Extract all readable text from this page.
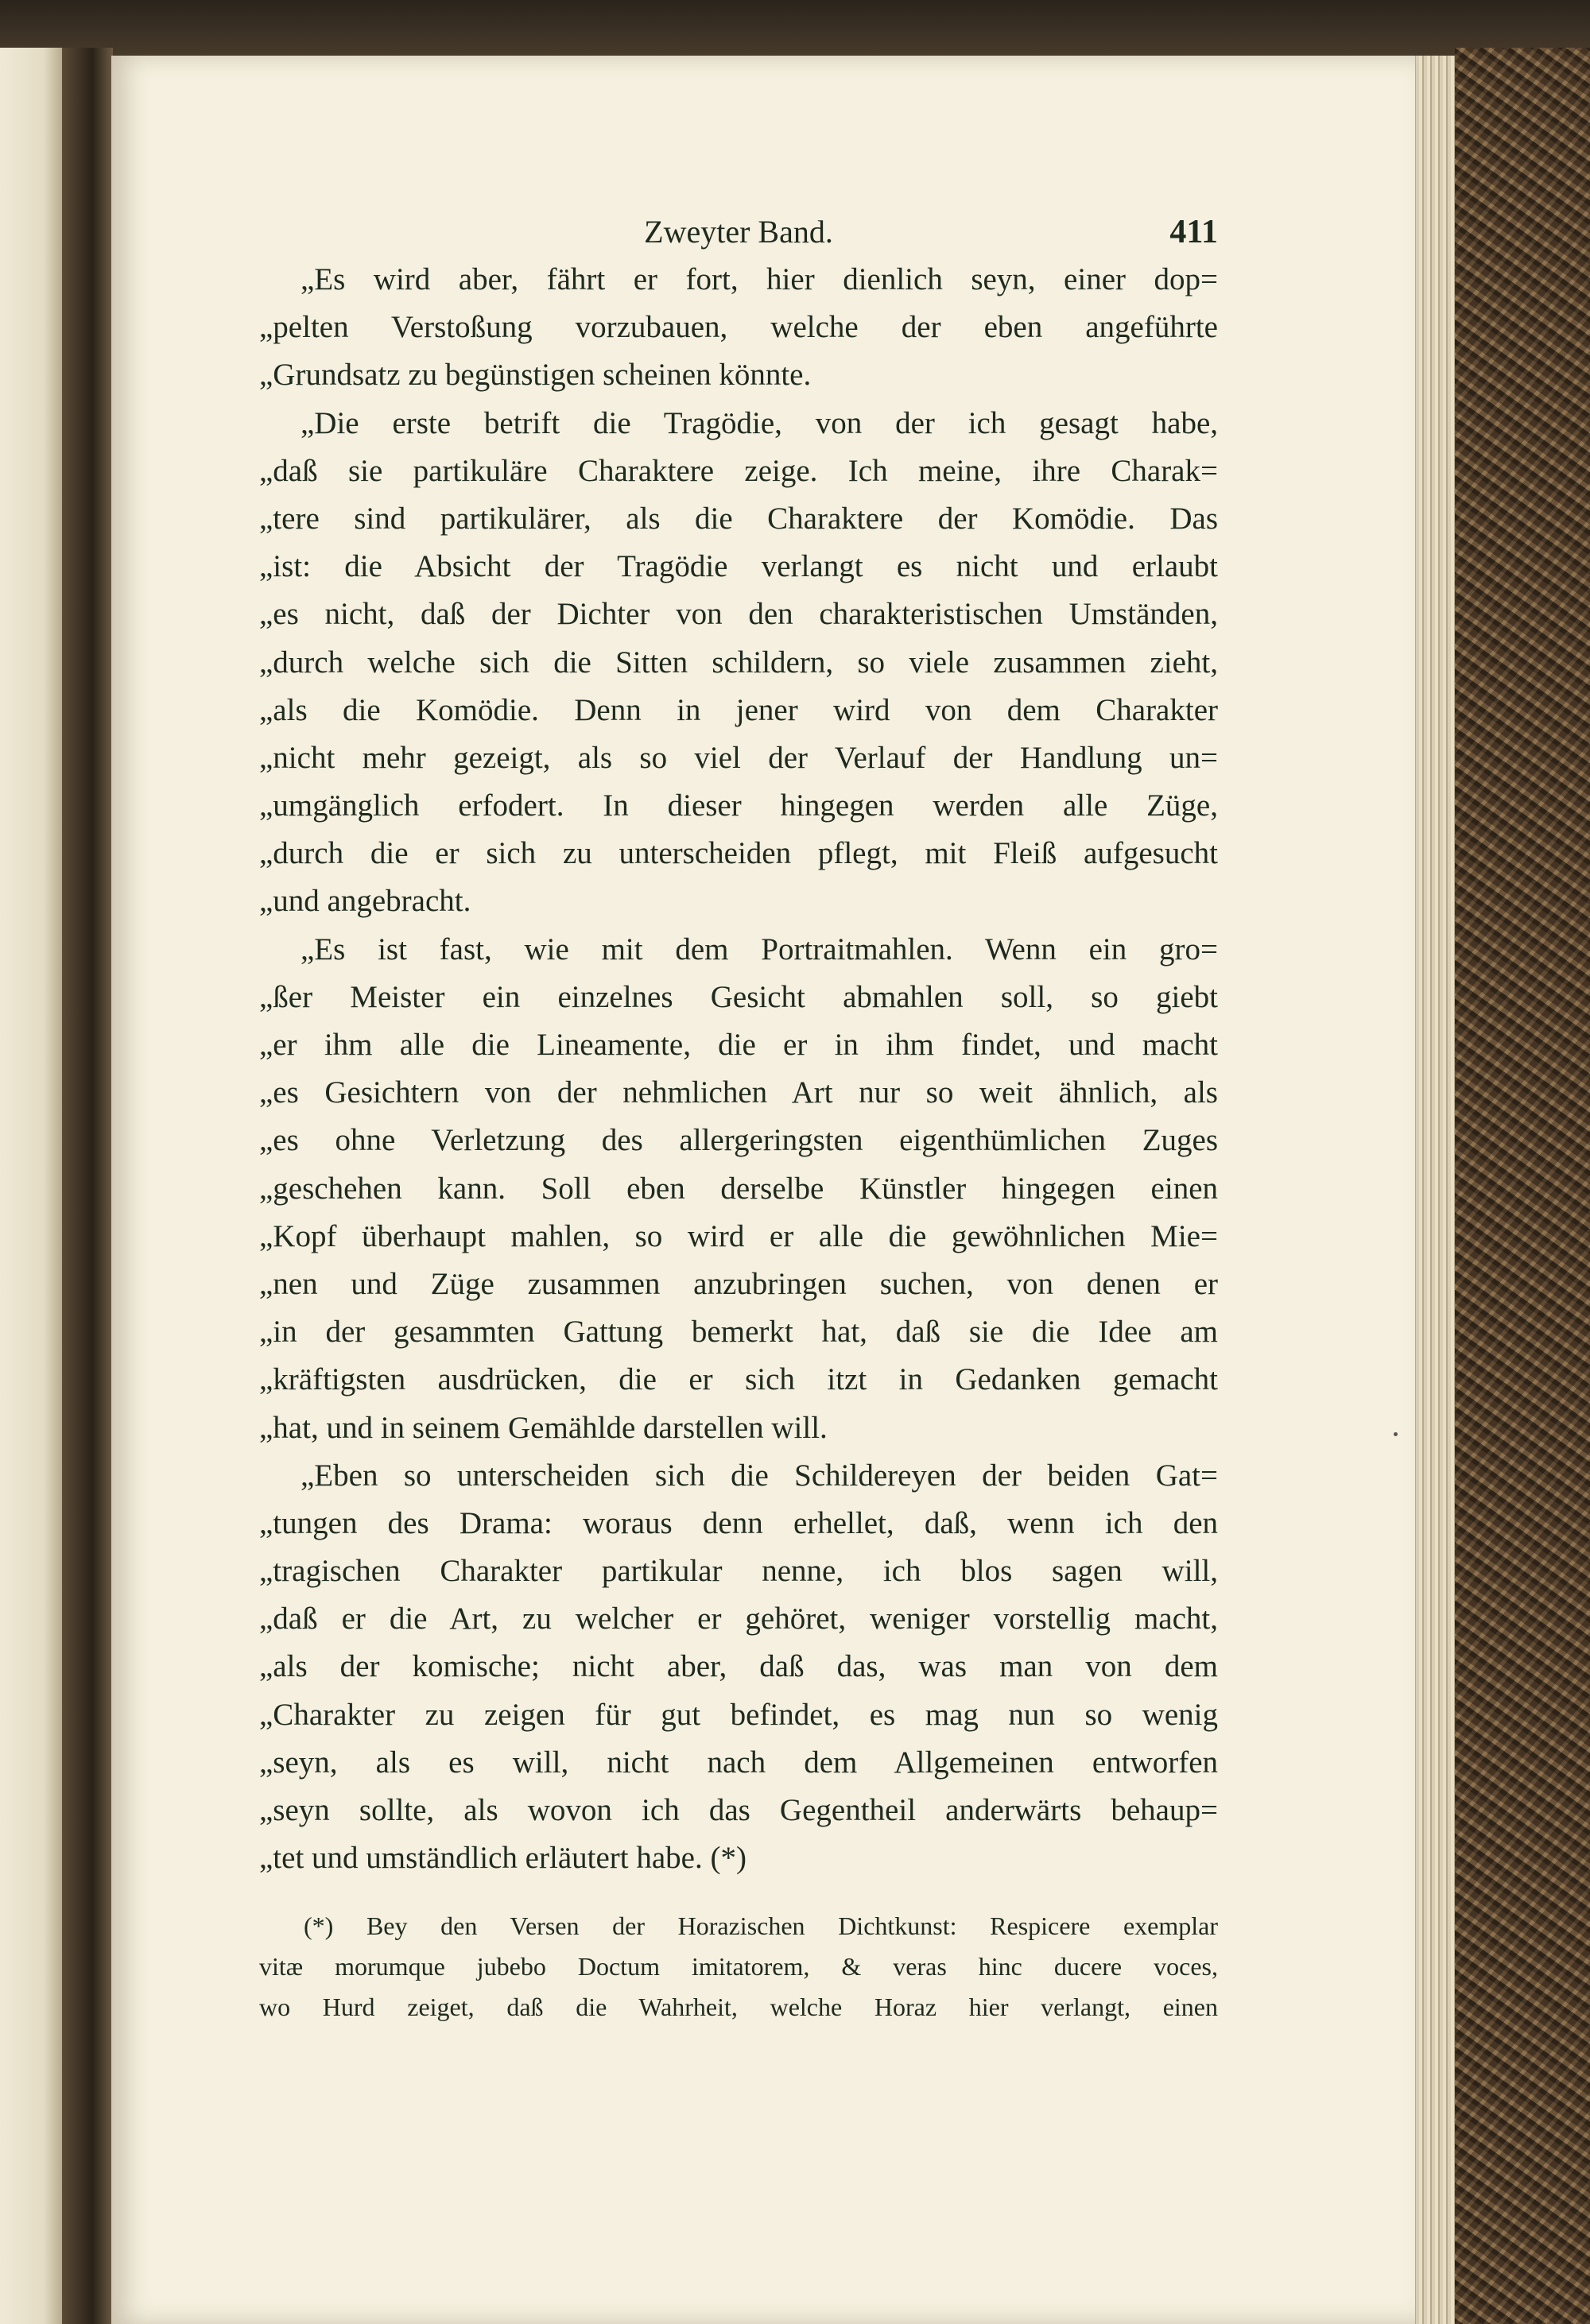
Zweyter Band.	411
„Es wird aber, fährt er fort, hier dienlich seyn, einer dop=
„pelten Verstoßung vorzubauen, welche der eben angeführte
„Grundsatz zu begünstigen scheinen könnte.
„Die erste betrift die Tragödie, von der ich gesagt habe,
„daß sie partikuläre Charaktere zeige. Ich meine, ihre Charak=
„tere sind partikulärer, als die Charaktere der Komödie. Das
„ist: die Absicht der Tragödie verlangt es nicht und erlaubt
„es nicht, daß der Dichter von den charakteristischen Umständen,
„durch welche sich die Sitten schildern, so viele zusammen zieht,
„als die Komödie. Denn in jener wird von dem Charakter
„nicht mehr gezeigt, als so viel der Verlauf der Handlung un=
„umgänglich erfodert. In dieser hingegen werden alle Züge,
„durch die er sich zu unterscheiden pflegt, mit Fleiß aufgesucht
„und angebracht.
„Es ist fast, wie mit dem Portraitmahlen. Wenn ein gro=
„ßer Meister ein einzelnes Gesicht abmahlen soll, so giebt
„er ihm alle die Lineamente, die er in ihm findet, und macht
„es Gesichtern von der nehmlichen Art nur so weit ähnlich, als
„es ohne Verletzung des allergeringsten eigenthümlichen Zuges
„geschehen kann. Soll eben derselbe Künstler hingegen einen
„Kopf überhaupt mahlen, so wird er alle die gewöhnlichen Mie=
„nen und Züge zusammen anzubringen suchen, von denen er
„in der gesammten Gattung bemerkt hat, daß sie die Idee am
„kräftigsten ausdrücken, die er sich itzt in Gedanken gemacht
„hat, und in seinem Gemählde darstellen will.
„Eben so unterscheiden sich die Schildereyen der beiden Gat=
„tungen des Drama: woraus denn erhellet, daß, wenn ich den
„tragischen Charakter partikular nenne, ich blos sagen will,
„daß er die Art, zu welcher er gehöret, weniger vorstellig macht,
„als der komische; nicht aber, daß das, was man von dem
„Charakter zu zeigen für gut befindet, es mag nun so wenig
„seyn, als es will, nicht nach dem Allgemeinen entworfen
„seyn sollte, als wovon ich das Gegentheil anderwärts behaup=
„tet und umständlich erläutert habe. (*)
(*) Bey den Versen der Horazischen Dichtkunst: Respicere exemplar
vitæ morumque jubebo Doctum imitatorem, & veras hinc ducere voces,
wo Hurd zeiget, daß die Wahrheit, welche Horaz hier verlangt, einen
